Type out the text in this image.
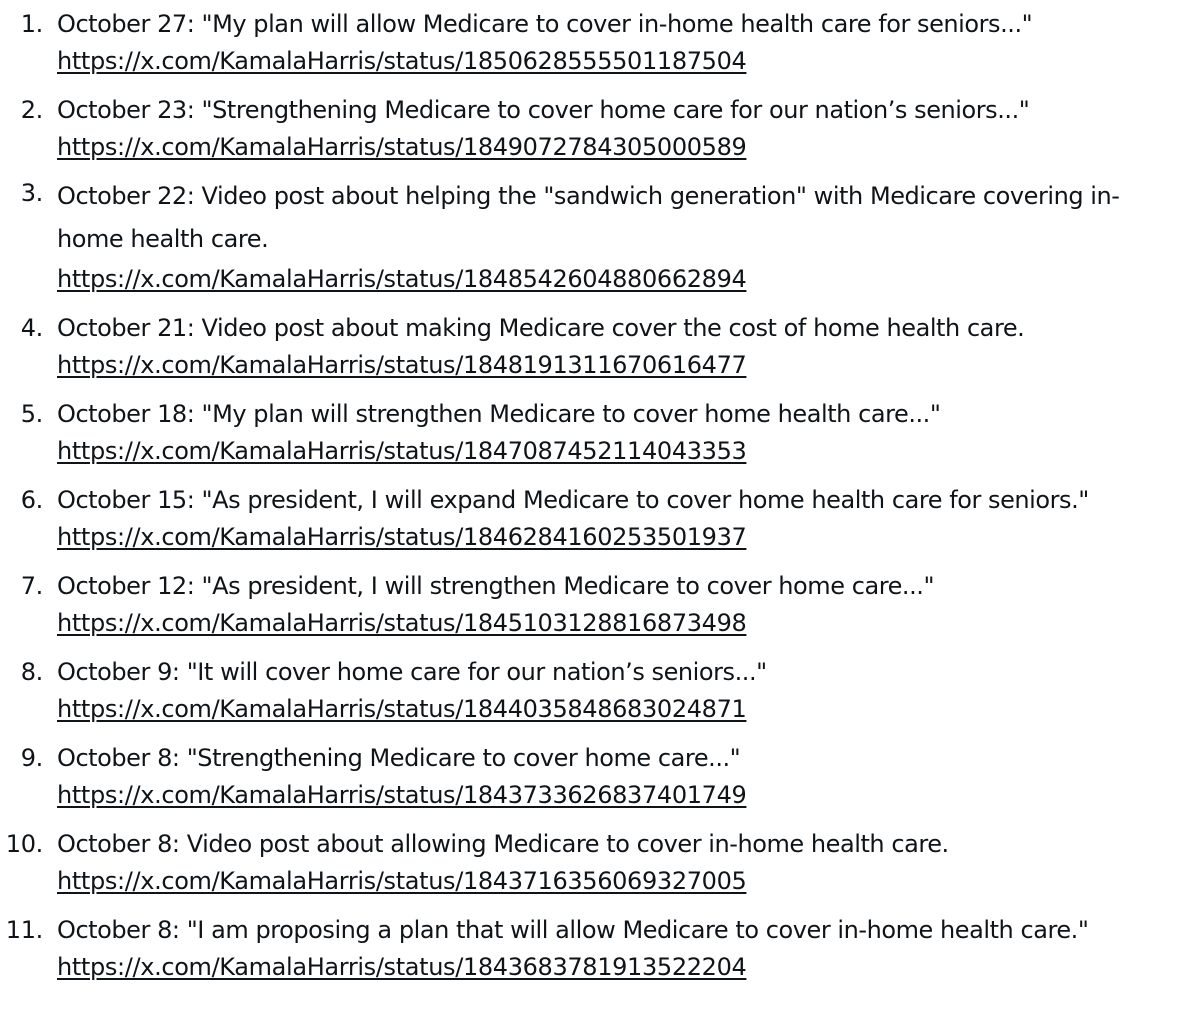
1. October 27: "My plan will allow Medicare to cover in-home health care for seniors..."
https://x.com/KamalaHarris/status/1850628555501187504
2. October 23: "Strengthening Medicare to cover home care for our nation’s seniors..."
https://x.com/KamalaHarris/status/1849072784305000589
3. October 22: Video post about helping the "sandwich generation" with Medicare covering in-home health care.
https://x.com/KamalaHarris/status/1848542604880662894
4. October 21: Video post about making Medicare cover the cost of home health care.
https://x.com/KamalaHarris/status/1848191311670616477
5. October 18: "My plan will strengthen Medicare to cover home health care..."
https://x.com/KamalaHarris/status/1847087452114043353
6. October 15: "As president, I will expand Medicare to cover home health care for seniors."
https://x.com/KamalaHarris/status/1846284160253501937
7. October 12: "As president, I will strengthen Medicare to cover home care..."
https://x.com/KamalaHarris/status/1845103128816873498
8. October 9: "It will cover home care for our nation’s seniors..."
https://x.com/KamalaHarris/status/1844035848683024871
9. October 8: "Strengthening Medicare to cover home care..."
https://x.com/KamalaHarris/status/1843733626837401749
10. October 8: Video post about allowing Medicare to cover in-home health care.
https://x.com/KamalaHarris/status/1843716356069327005
11. October 8: "I am proposing a plan that will allow Medicare to cover in-home health care."
https://x.com/KamalaHarris/status/1843683781913522204
